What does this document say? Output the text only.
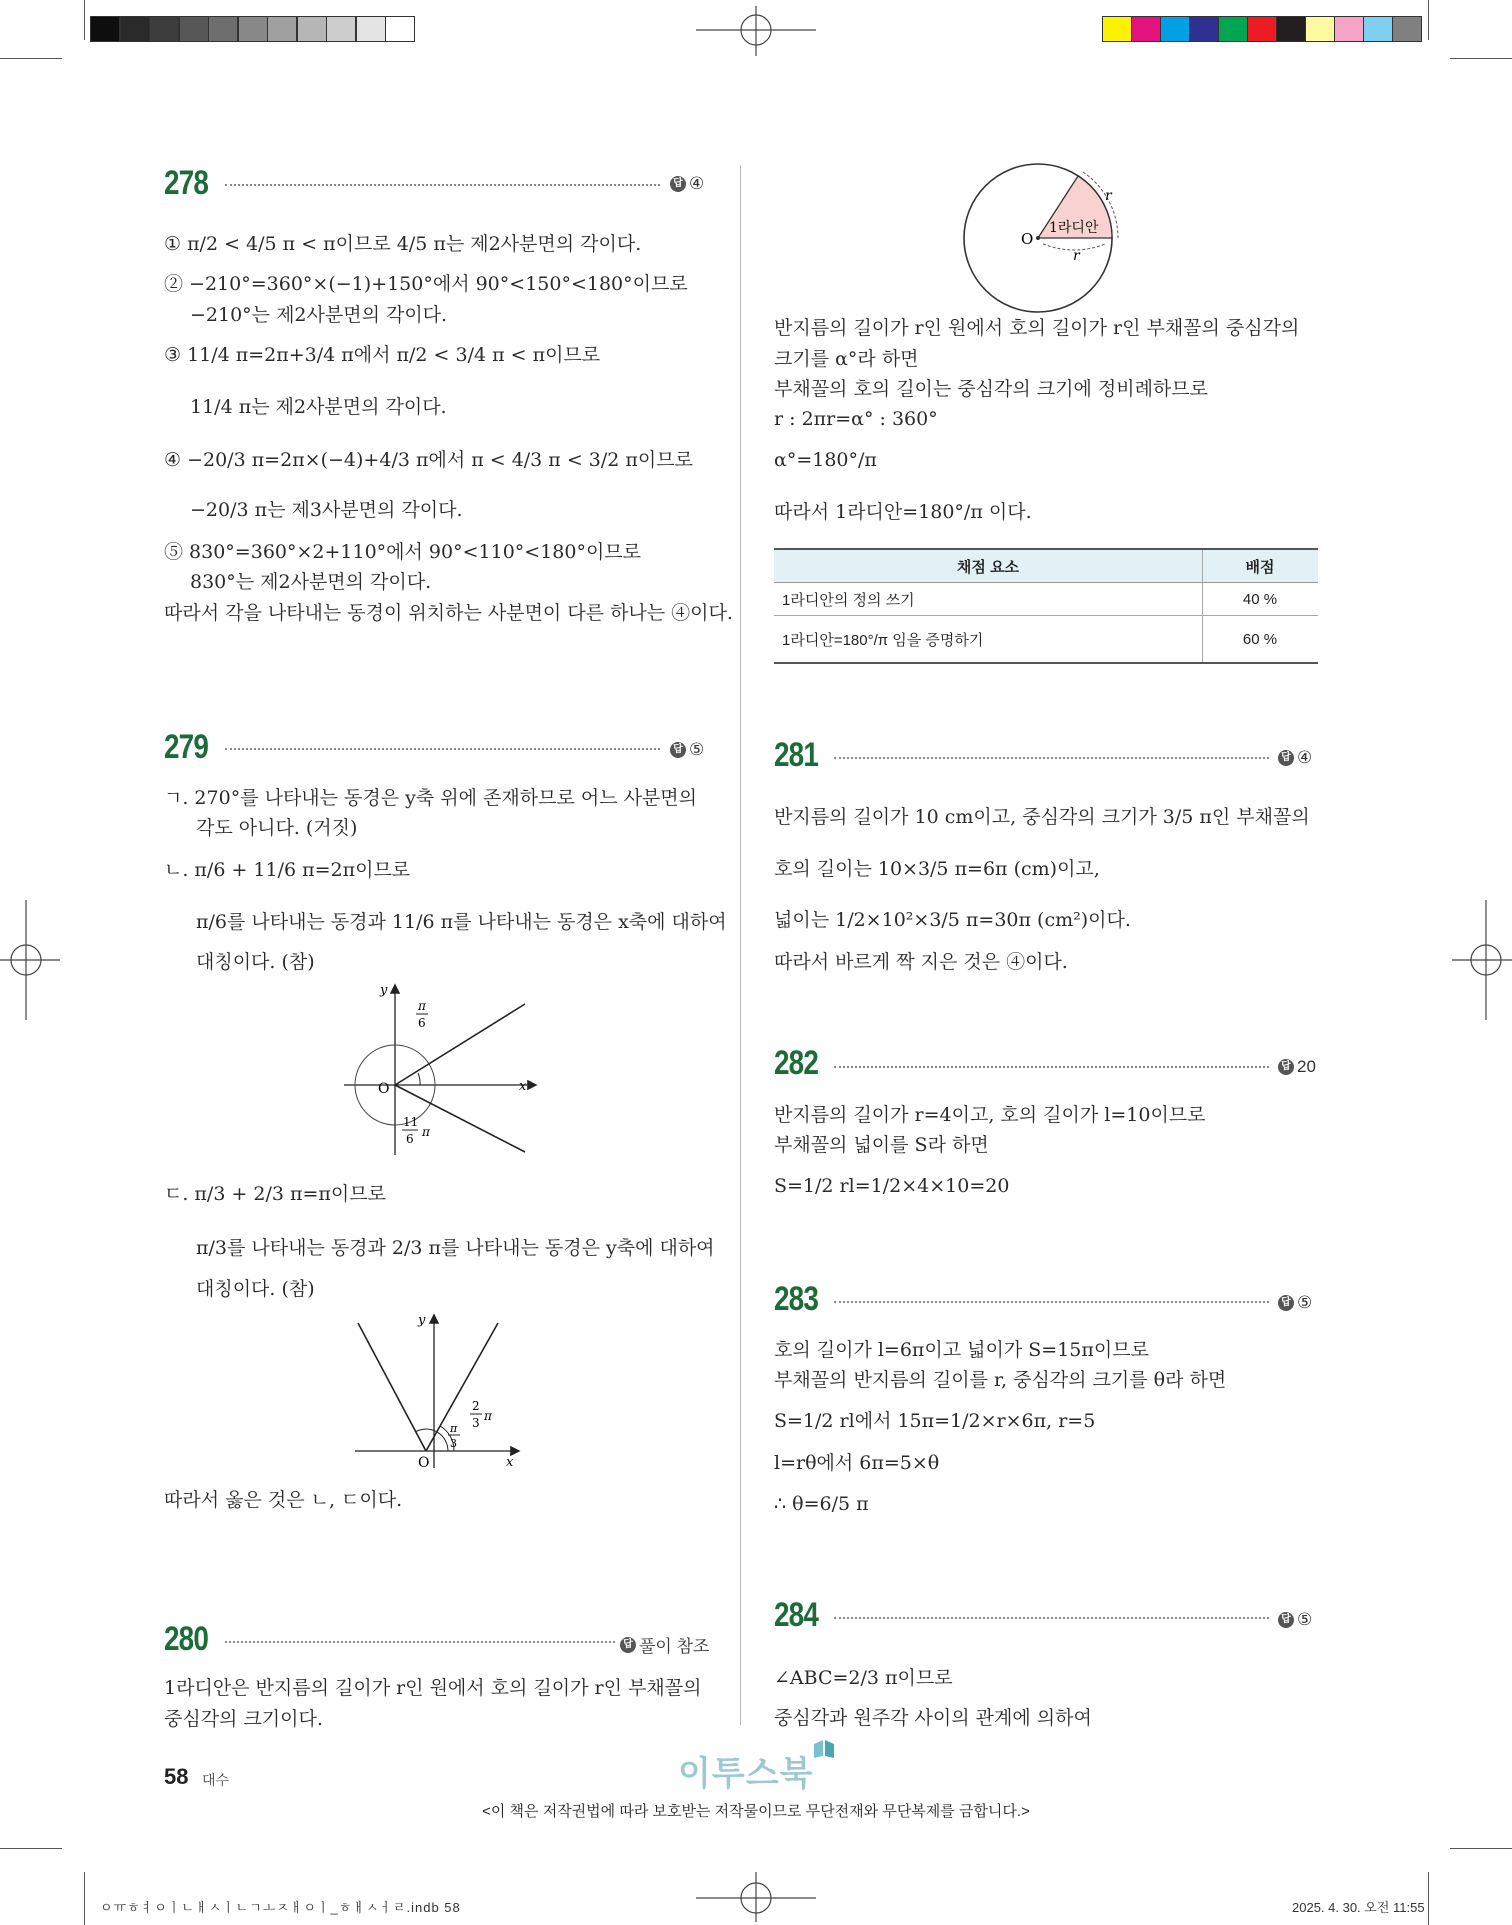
278	답 ④
① π/2 < 4/5 π < π이므로 4/5 π는 제2사분면의 각이다.
② −210°=360°×(−1)+150°에서 90°<150°<180°이므로
−210°는 제2사분면의 각이다.
③ 11/4 π=2π+3/4 π에서 π/2 < 3/4 π < π이므로
11/4 π는 제2사분면의 각이다.
④ −20/3 π=2π×(−4)+4/3 π에서 π < 4/3 π < 3/2 π이므로
−20/3 π는 제3사분면의 각이다.
⑤ 830°=360°×2+110°에서 90°<110°<180°이므로
830°는 제2사분면의 각이다.
따라서 각을 나타내는 동경이 위치하는 사분면이 다른 하나는 ④이다.
279	답 ⑤
ㄱ. 270°를 나타내는 동경은 y축 위에 존재하므로 어느 사분면의
각도 아니다. (거짓)
ㄴ. π/6 + 11/6 π=2π이므로
π/6를 나타내는 동경과 11/6 π를 나타내는 동경은 x축에 대하여
대칭이다. (참)
O
y
x
π
6
11
6 π
ㄷ. π/3 + 2/3 π=π이므로
π/3를 나타내는 동경과 2/3 π를 나타내는 동경은 y축에 대하여
대칭이다. (참)
O
y
x
2
3 π
π
3
따라서 옳은 것은 ㄴ, ㄷ이다.
280	답 풀이 참조
1라디안은 반지름의 길이가 r인 원에서 호의 길이가 r인 부채꼴의
중심각의 크기이다.
O
1라디안
r
r
반지름의 길이가 r인 원에서 호의 길이가 r인 부채꼴의 중심각의
크기를 α°라 하면
부채꼴의 호의 길이는 중심각의 크기에 정비례하므로
r : 2πr=α° : 360°
α°=180°/π
따라서 1라디안=180°/π 이다.
채점 요소	배점
1라디안의 정의 쓰기	40 %
1라디안=180°/π 임을 증명하기	60 %
281	답 ④
반지름의 길이가 10 cm이고, 중심각의 크기가 3/5 π인 부채꼴의
호의 길이는 10×3/5 π=6π (cm)이고,
넓이는 1/2×10²×3/5 π=30π (cm²)이다.
따라서 바르게 짝 지은 것은 ④이다.
282	답 20
반지름의 길이가 r=4이고, 호의 길이가 l=10이므로
부채꼴의 넓이를 S라 하면
S=1/2 rl=1/2×4×10=20
283	답 ⑤
호의 길이가 l=6π이고 넓이가 S=15π이므로
부채꼴의 반지름의 길이를 r, 중심각의 크기를 θ라 하면
S=1/2 rl에서 15π=1/2×r×6π, r=5
l=rθ에서 6π=5×θ
∴ θ=6/5 π
284	답 ⑤
∠ABC=2/3 π이므로
중심각과 원주각 사이의 관계에 의하여
58 대수	이투스북
<이 책은 저작권법에 따라 보호받는 저작물이므로 무단전재와 무단복제를 금합니다.>
ㅇㅠㅎㅕㅇㅣㄴㅐㅅㅣㄴㄱㅗㅈㅐㅇㅣ_ㅎㅐㅅㅓㄹ.indb 58	2025. 4. 30. 오전 11:55
